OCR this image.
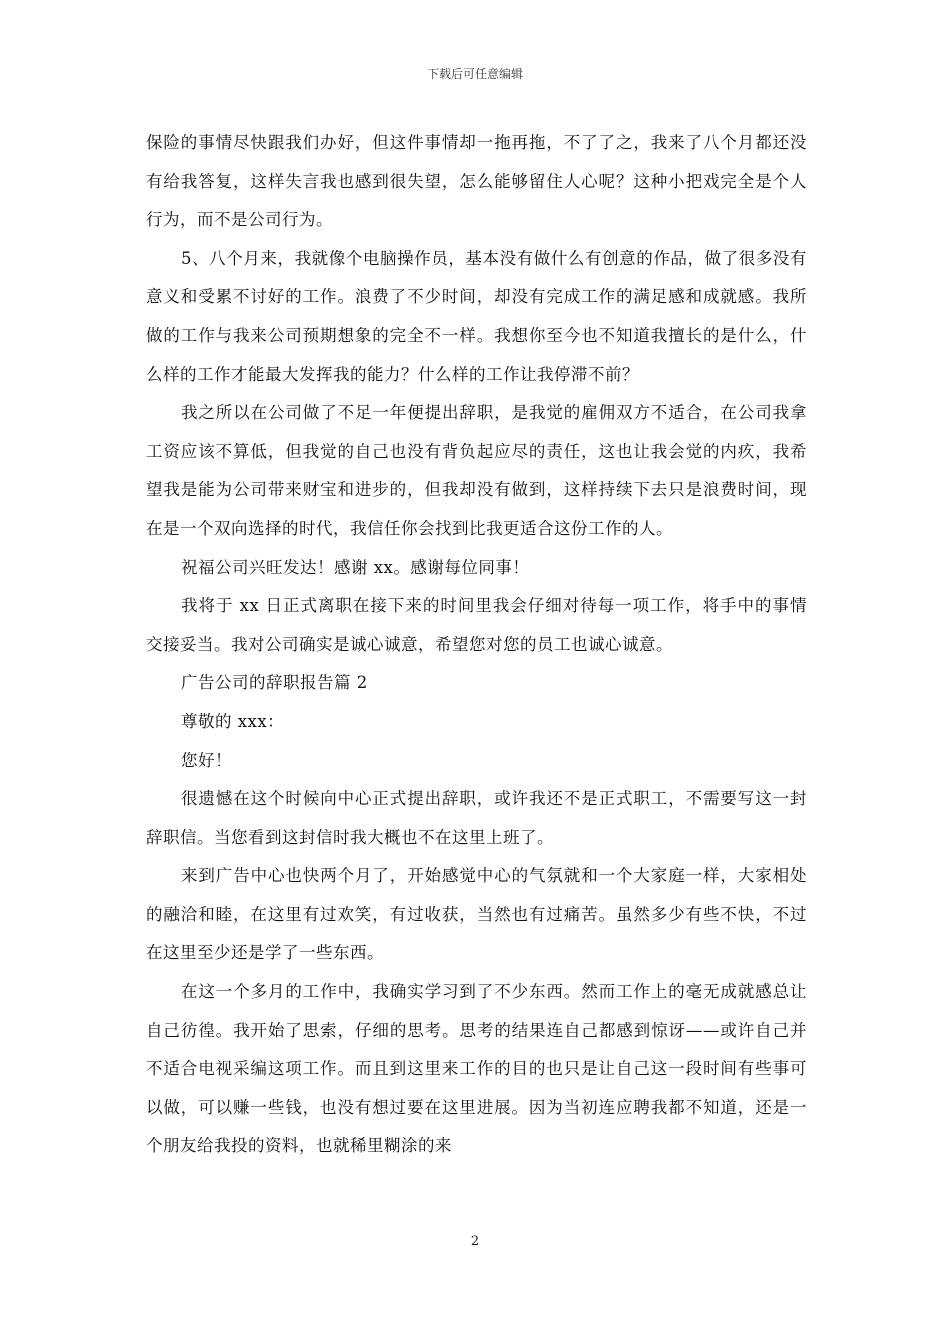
下载后可任意编辑

保险的事情尽快跟我们办好，但这件事情却一拖再拖，不了了之，我来了八个月都还没有给我答复，这样失言我也感到很失望，怎么能够留住人心呢？这种小把戏完全是个人行为，而不是公司行为。

5、八个月来，我就像个电脑操作员，基本没有做什么有创意的作品，做了很多没有意义和受累不讨好的工作。浪费了不少时间，却没有完成工作的满足感和成就感。我所做的工作与我来公司预期想象的完全不一样。我想你至今也不知道我擅长的是什么，什么样的工作才能最大发挥我的能力？什么样的工作让我停滞不前？

我之所以在公司做了不足一年便提出辞职，是我觉的雇佣双方不适合，在公司我拿工资应该不算低，但我觉的自己也没有背负起应尽的责任，这也让我会觉的内疚，我希望我是能为公司带来财宝和进步的，但我却没有做到，这样持续下去只是浪费时间，现在是一个双向选择的时代，我信任你会找到比我更适合这份工作的人。

祝福公司兴旺发达！感谢 xx。感谢每位同事！

我将于 xx 日正式离职在接下来的时间里我会仔细对待每一项工作，将手中的事情交接妥当。我对公司确实是诚心诚意，希望您对您的员工也诚心诚意。

广告公司的辞职报告篇 2

尊敬的 xxx：

您好！

很遗憾在这个时候向中心正式提出辞职，或许我还不是正式职工，不需要写这一封辞职信。当您看到这封信时我大概也不在这里上班了。

来到广告中心也快两个月了，开始感觉中心的气氛就和一个大家庭一样，大家相处的融洽和睦，在这里有过欢笑，有过收获，当然也有过痛苦。虽然多少有些不快，不过在这里至少还是学了一些东西。

在这一个多月的工作中，我确实学习到了不少东西。然而工作上的毫无成就感总让自己彷徨。我开始了思索，仔细的思考。思考的结果连自己都感到惊讶——或许自己并不适合电视采编这项工作。而且到这里来工作的目的也只是让自己这一段时间有些事可以做，可以赚一些钱，也没有想过要在这里进展。因为当初连应聘我都不知道，还是一个朋友给我投的资料，也就稀里糊涂的来

2
